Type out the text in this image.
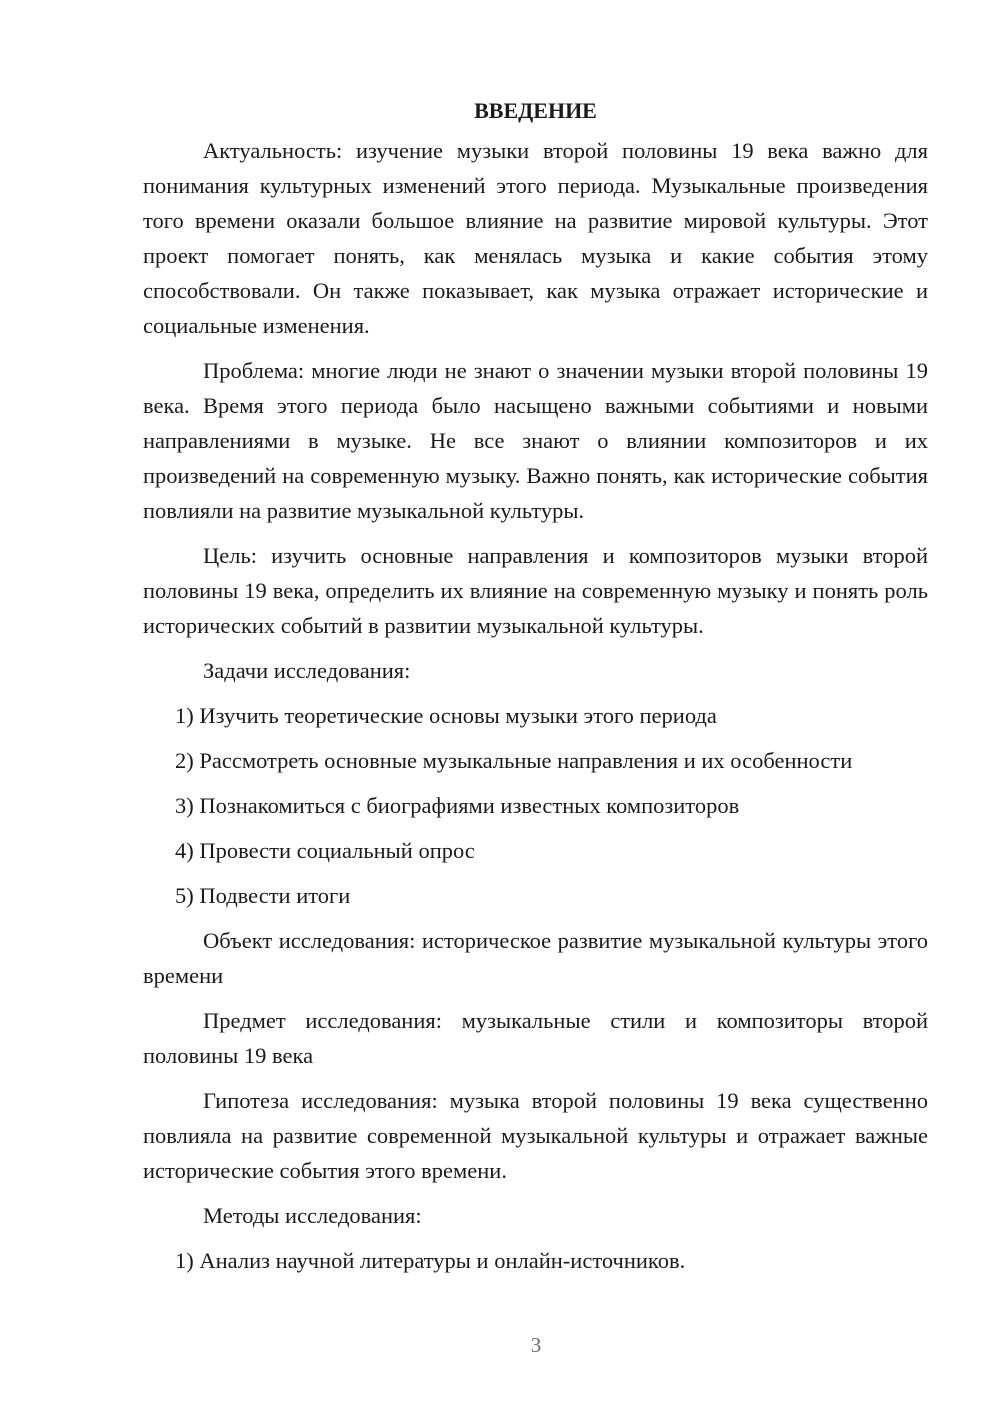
ВВЕДЕНИЕ

Актуальность: изучение музыки второй половины 19 века важно для понимания культурных изменений этого периода. Музыкальные произведения того времени оказали большое влияние на развитие мировой культуры. Этот проект помогает понять, как менялась музыка и какие события этому способствовали. Он также показывает, как музыка отражает исторические и социальные изменения.

Проблема: многие люди не знают о значении музыки второй половины 19 века. Время этого периода было насыщено важными событиями и новыми направлениями в музыке. Не все знают о влиянии композиторов и их произведений на современную музыку. Важно понять, как исторические события повлияли на развитие музыкальной культуры.

Цель: изучить основные направления и композиторов музыки второй половины 19 века, определить их влияние на современную музыку и понять роль исторических событий в развитии музыкальной культуры.

Задачи исследования:

1) Изучить теоретические основы музыки этого периода
2) Рассмотреть основные музыкальные направления и их особенности
3) Познакомиться с биографиями известных композиторов
4) Провести социальный опрос
5) Подвести итоги

Объект исследования: историческое развитие музыкальной культуры этого времени

Предмет исследования: музыкальные стили и композиторы второй половины 19 века

Гипотеза исследования: музыка второй половины 19 века существенно повлияла на развитие современной музыкальной культуры и отражает важные исторические события этого времени.

Методы исследования:

1) Анализ научной литературы и онлайн-источников.
3
